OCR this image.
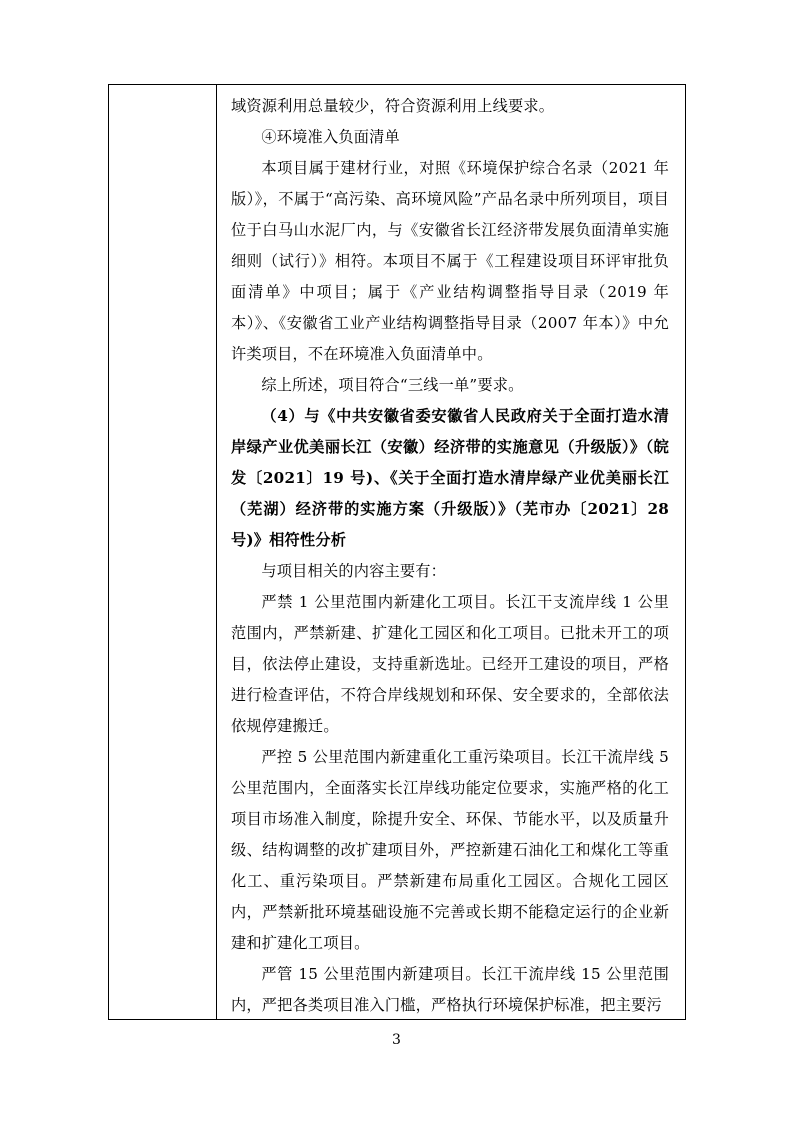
域资源利用总量较少，符合资源利用上线要求。

④环境准入负面清单

本项目属于建材行业，对照《环境保护综合名录（2021 年版）》，不属于“高污染、高环境风险”产品名录中所列项目，项目位于白马山水泥厂内，与《安徽省长江经济带发展负面清单实施细则（试行）》相符。本项目不属于《工程建设项目环评审批负面清单》中项目；属于《产业结构调整指导目录（2019 年本）》、《安徽省工业产业结构调整指导目录（2007 年本）》中允许类项目，不在环境准入负面清单中。

综上所述，项目符合“三线一单”要求。

（4）与《中共安徽省委安徽省人民政府关于全面打造水清岸绿产业优美丽长江（安徽）经济带的实施意见（升级版）》（皖发〔2021〕19 号)、《关于全面打造水清岸绿产业优美丽长江（芜湖）经济带的实施方案（升级版）》（芜市办〔2021〕28 号)》相符性分析

与项目相关的内容主要有：

严禁 1 公里范围内新建化工项目。长江干支流岸线 1 公里范围内，严禁新建、扩建化工园区和化工项目。已批未开工的项目，依法停止建设，支持重新选址。已经开工建设的项目，严格进行检查评估，不符合岸线规划和环保、安全要求的，全部依法依规停建搬迁。

严控 5 公里范围内新建重化工重污染项目。长江干流岸线 5 公里范围内，全面落实长江岸线功能定位要求，实施严格的化工项目市场准入制度，除提升安全、环保、节能水平，以及质量升级、结构调整的改扩建项目外，严控新建石油化工和煤化工等重化工、重污染项目。严禁新建布局重化工园区。合规化工园区内，严禁新批环境基础设施不完善或长期不能稳定运行的企业新建和扩建化工项目。

严管 15 公里范围内新建项目。长江干流岸线 15 公里范围内，严把各类项目准入门槛，严格执行环境保护标准，把主要污

3
